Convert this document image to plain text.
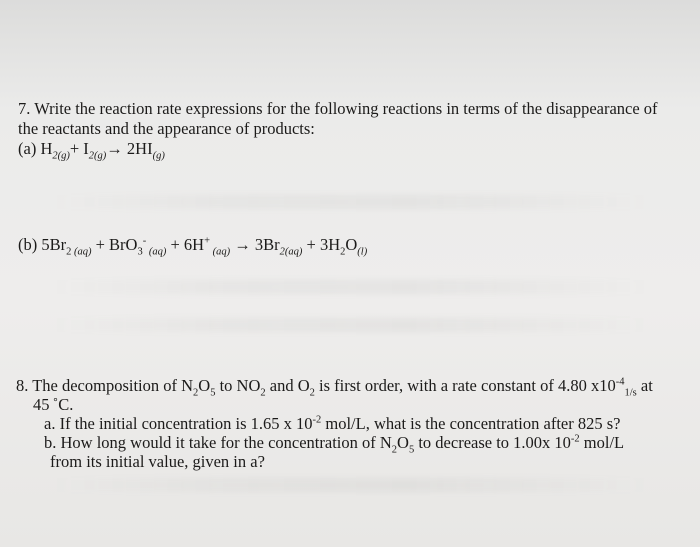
7. Write the reaction rate expressions for the following reactions in terms of the disappearance of
the reactants and the appearance of products:
(a) $H_{2(g)}+ I_{2(g)}\to 2HI_{(g)}$
(b) $5Br_2$ $_{(aq)}$ + BrO$_3$- $_{(aq)}$ + 6H+ $_{(aq)} \to 3Br_{2(aq)} + 3H_2O_{(l)}$
8. The decomposition of $N_2O_5$ to $NO_2$ and $O_2$ is first order, with a rate constant of 4.80 $x10^{-4}_{1/s}$ at
45 ˚C.
a. If the initial concentration is 1.65 x $10^{-2}$ mol/L, what is the concentration after 825 s?
b. How long would it take for the concentration of $N_2O_5$ to decrease to 1.00x $10^{-2}$ mol/L
from its initial value, given in a?
